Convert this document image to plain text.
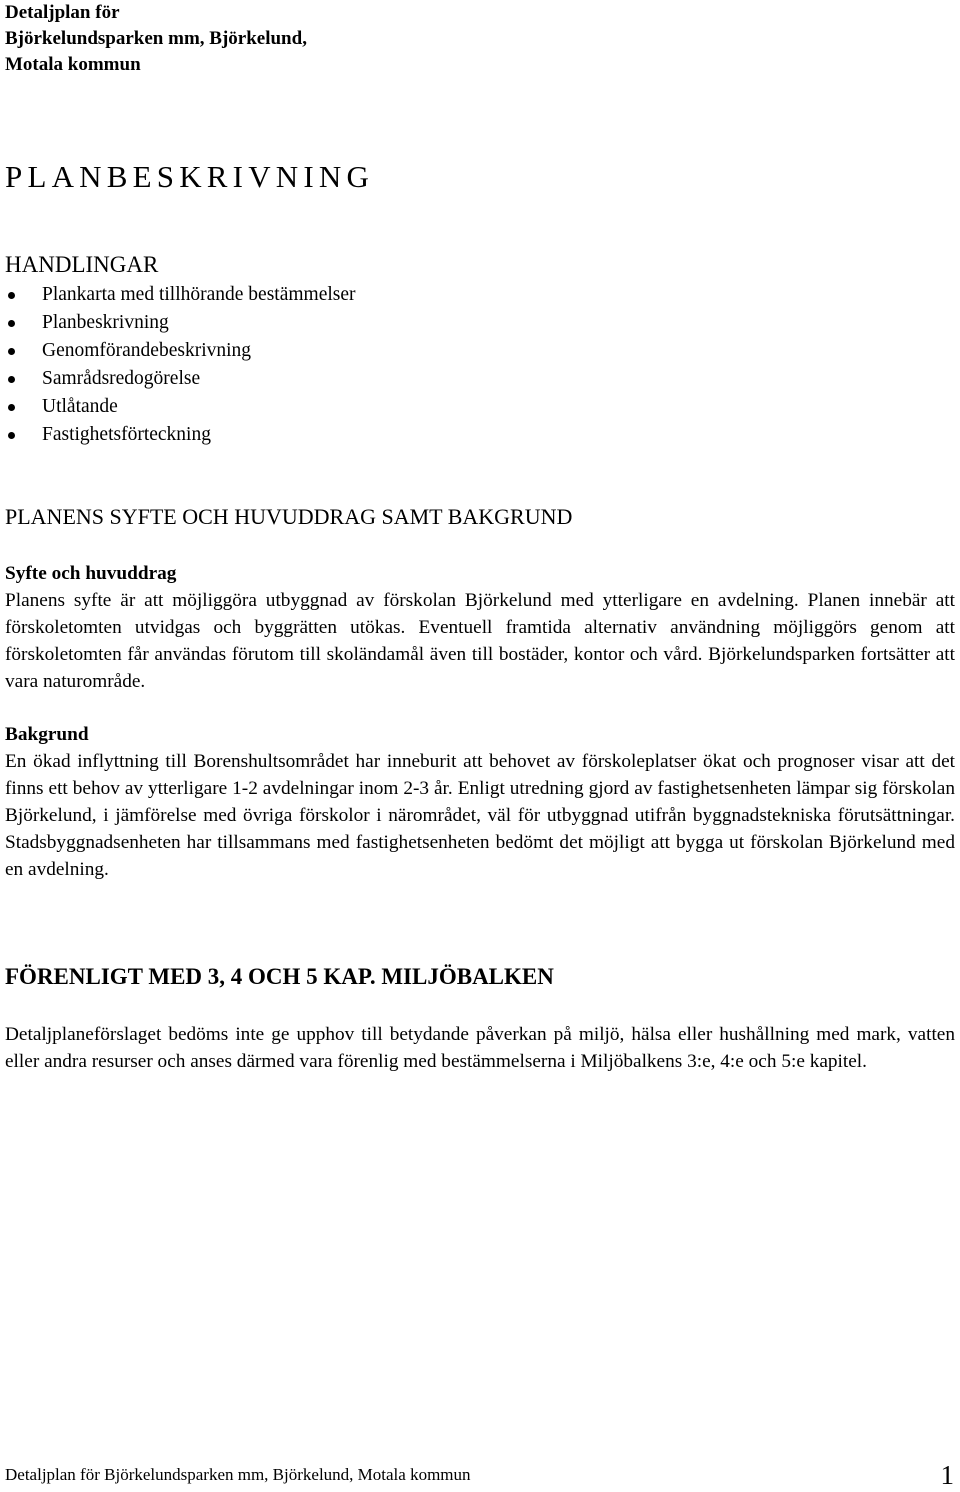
Detaljplan för
Björkelundsparken mm, Björkelund,
Motala kommun
PLANBESKRIVNING
HANDLINGAR
Plankarta med tillhörande bestämmelser
Planbeskrivning
Genomförandebeskrivning
Samrådsredogörelse
Utlåtande
Fastighetsförteckning
PLANENS SYFTE OCH HUVUDDRAG SAMT BAKGRUND
Syfte och huvuddrag
Planens syfte är att möjliggöra utbyggnad av förskolan Björkelund med ytterligare en avdelning. Planen innebär att förskoletomten utvidgas och byggrätten utökas. Eventuell framtida alternativ användning möjliggörs genom att förskoletomten får användas förutom till skoländamål även till bostäder, kontor och vård. Björkelundsparken fortsätter att vara naturområde.
Bakgrund
En ökad inflyttning till Borenshultsområdet har inneburit att behovet av förskoleplatser ökat och prognoser visar att det finns ett behov av ytterligare 1-2 avdelningar inom 2-3 år. Enligt utredning gjord av fastighetsenheten lämpar sig förskolan Björkelund, i jämförelse med övriga förskolor i närområdet, väl för utbyggnad utifrån byggnadstekniska förutsättningar. Stadsbyggnadsenheten har tillsammans med fastighetsenheten bedömt det möjligt att bygga ut förskolan Björkelund med en avdelning.
FÖRENLIGT MED 3, 4 OCH 5 KAP. MILJÖBALKEN
Detaljplaneförslaget bedöms inte ge upphov till betydande påverkan på miljö, hälsa eller hushållning med mark, vatten eller andra resurser och anses därmed vara förenlig med bestämmelserna i Miljöbalkens 3:e, 4:e och 5:e kapitel.
Detaljplan för Björkelundsparken mm, Björkelund, Motala kommun	1
